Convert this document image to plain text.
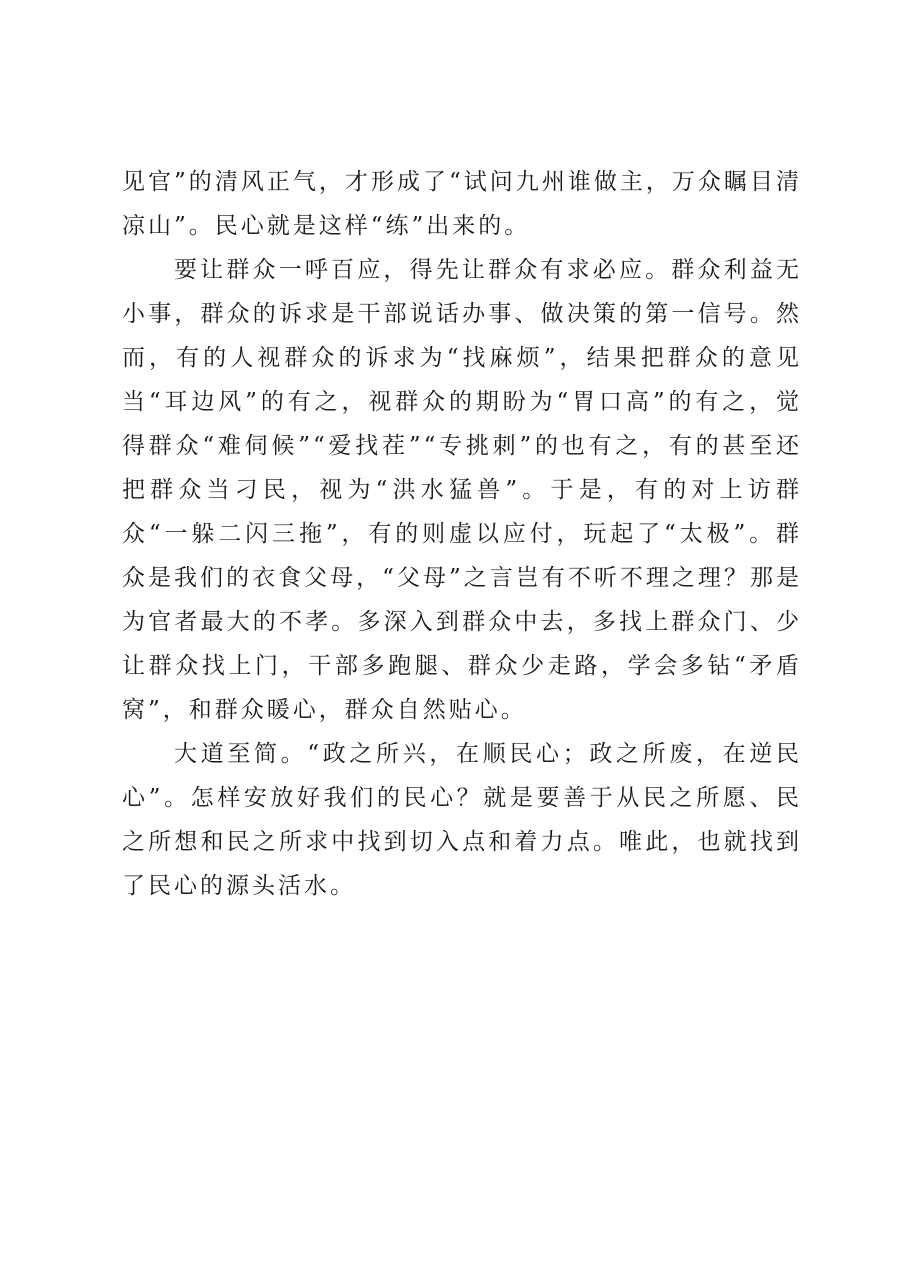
见官”的清风正气，才形成了“试问九州谁做主，万众瞩目清凉山”。民心就是这样“练”出来的。

要让群众一呼百应，得先让群众有求必应。群众利益无小事，群众的诉求是干部说话办事、做决策的第一信号。然而，有的人视群众的诉求为“找麻烦”，结果把群众的意见当“耳边风”的有之，视群众的期盼为“胃口高”的有之，觉得群众“难伺候”“爱找茬”“专挑刺”的也有之，有的甚至还把群众当刁民，视为“洪水猛兽”。于是，有的对上访群众“一躲二闪三拖”，有的则虚以应付，玩起了“太极”。群众是我们的衣食父母，“父母”之言岂有不听不理之理？那是为官者最大的不孝。多深入到群众中去，多找上群众门、少让群众找上门，干部多跑腿、群众少走路，学会多钻“矛盾窝”，和群众暖心，群众自然贴心。

大道至简。“政之所兴，在顺民心；政之所废，在逆民心”。怎样安放好我们的民心？就是要善于从民之所愿、民之所想和民之所求中找到切入点和着力点。唯此，也就找到了民心的源头活水。
